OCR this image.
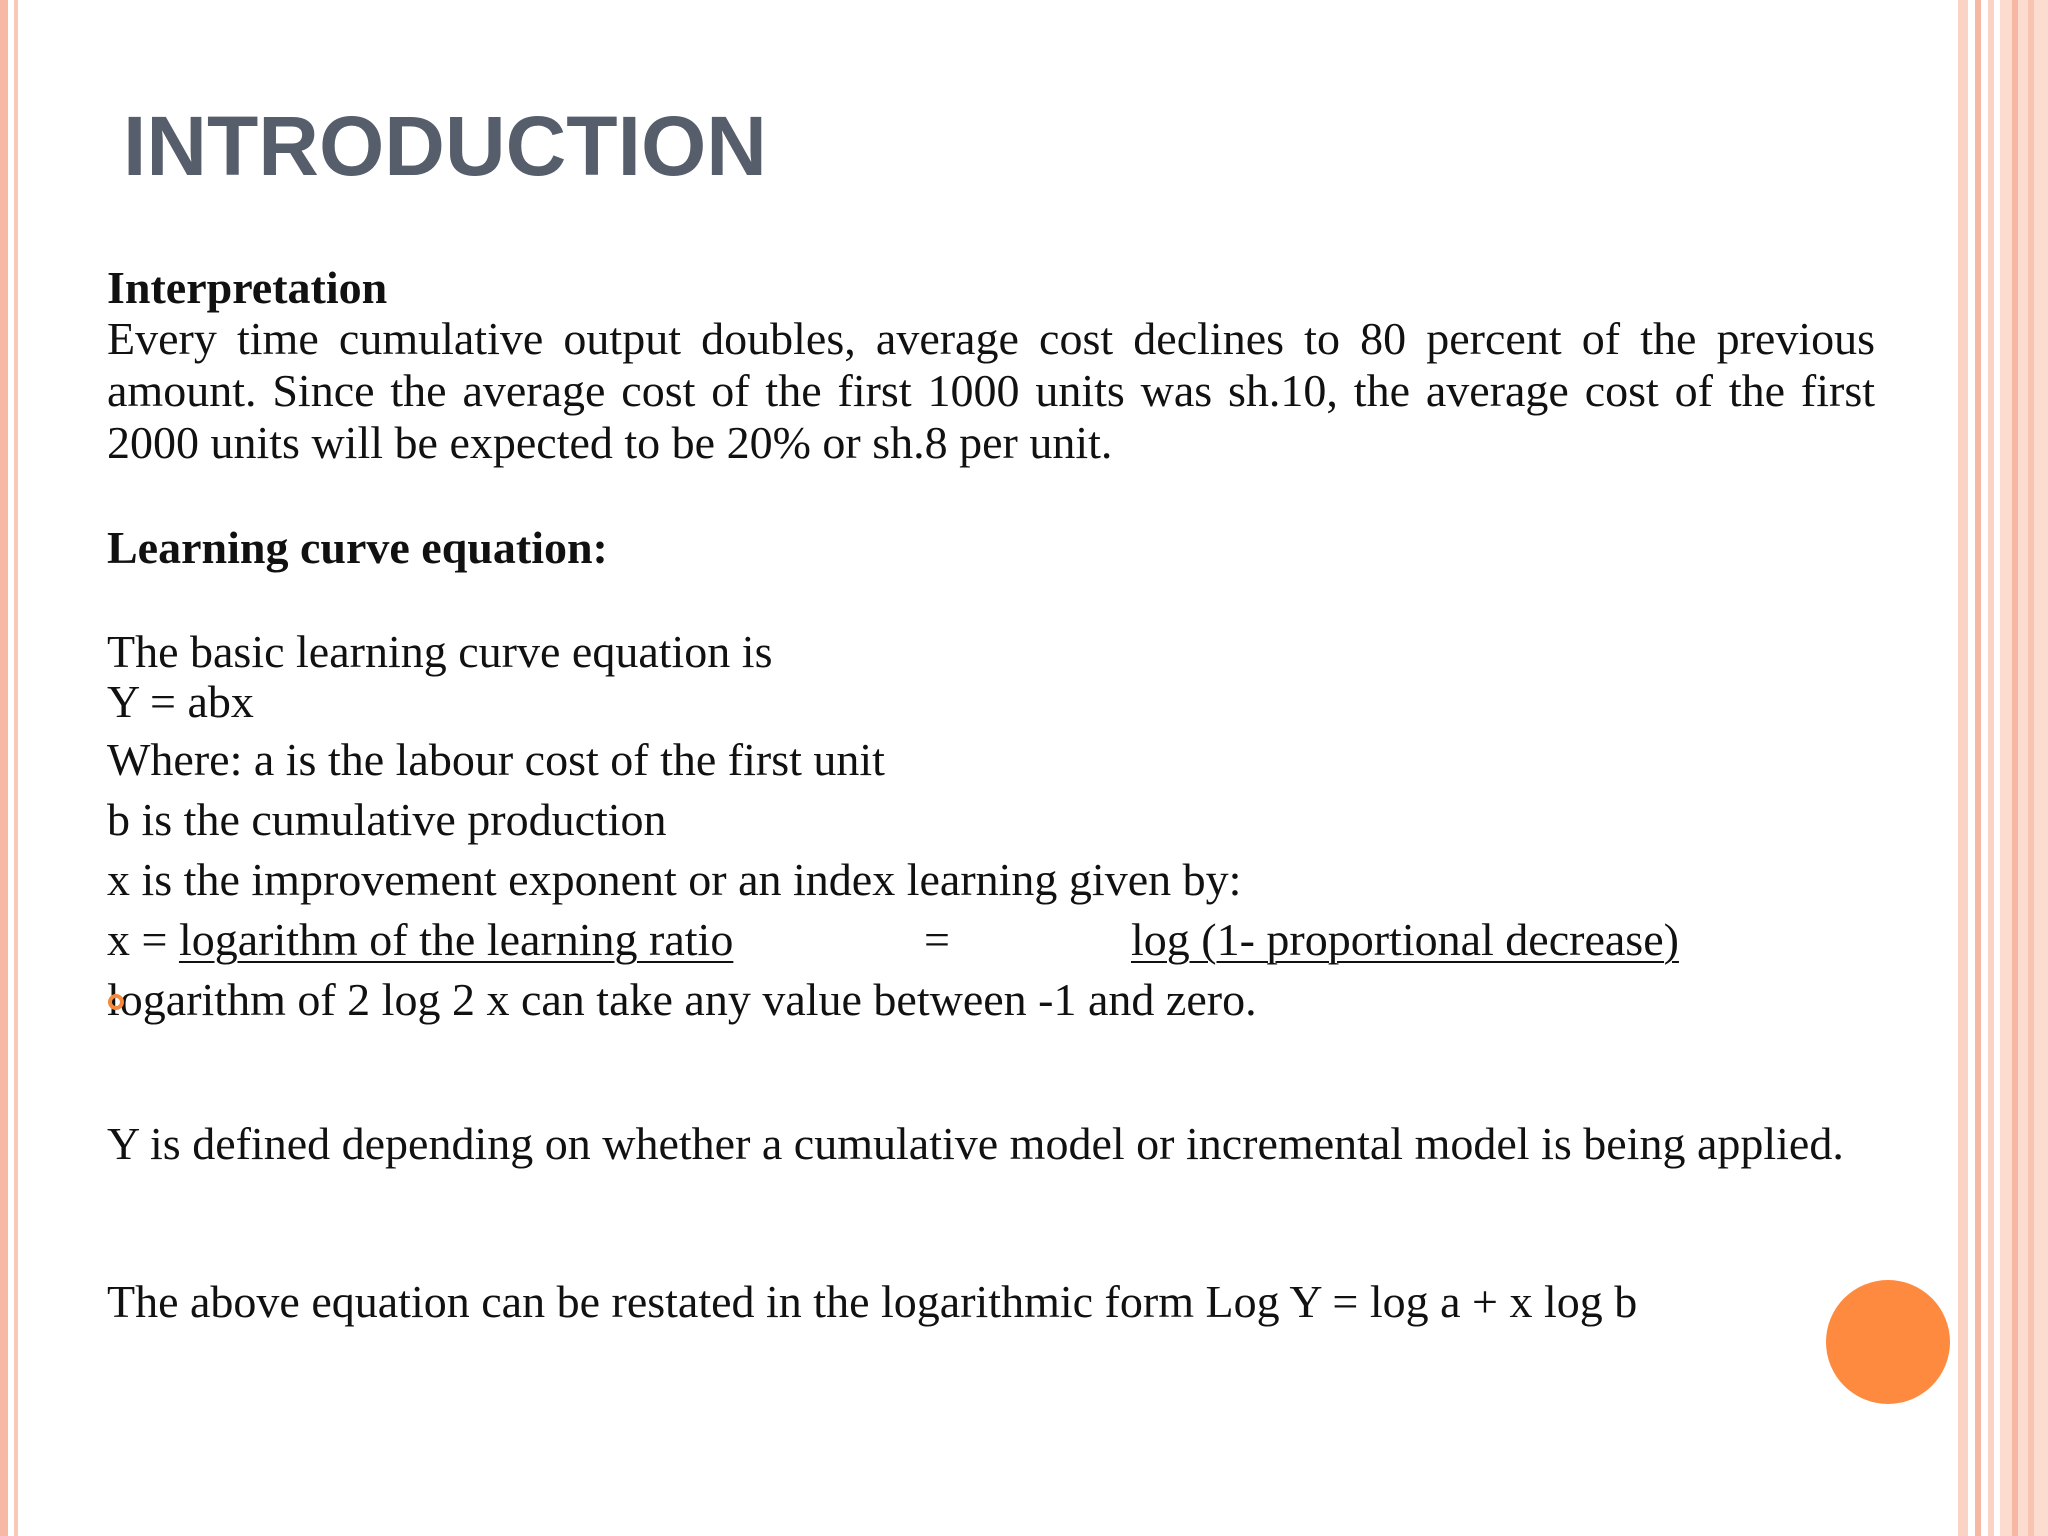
INTRODUCTION

Interpretation

Every time cumulative output doubles, average cost declines to 80 percent of the previous amount. Since the average cost of the first 1000 units was sh.10, the average cost of the first 2000 units will be expected to be 20% or sh.8 per unit.

Learning curve equation:

The basic learning curve equation is

Y = abx

Where: a is the labour cost of the first unit

b is the cumulative production

x is the improvement exponent or an index learning given by:

x = logarithm of the learning ratio	=	log (1- proportional decrease)

logarithm of 2 log 2 x can take any value between -1 and zero.

Y is defined depending on whether a cumulative model or incremental model is being applied.

The above equation can be restated in the logarithmic form Log Y = log a + x log b
